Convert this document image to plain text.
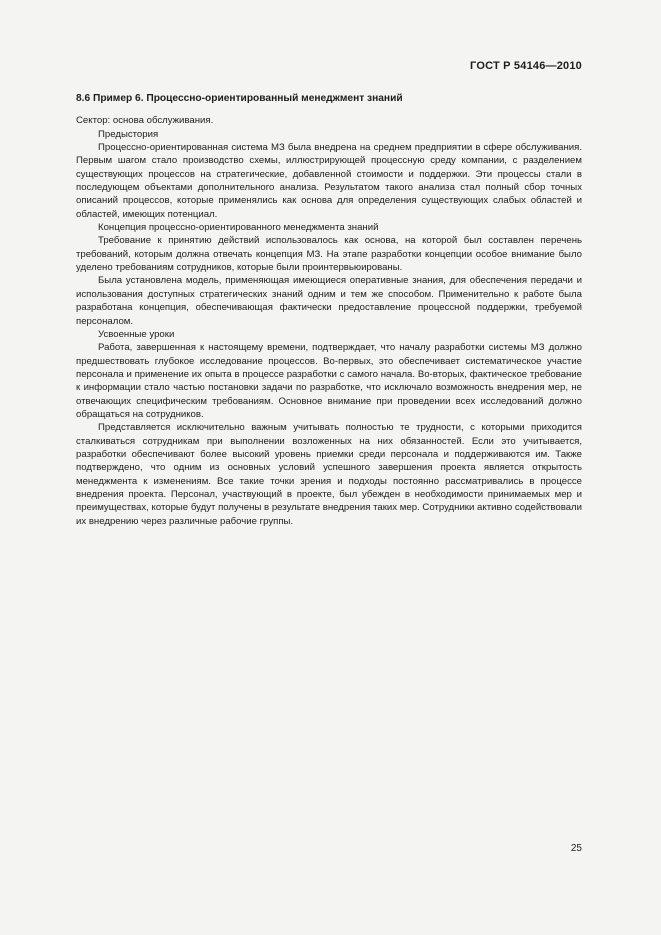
ГОСТ Р 54146—2010
8.6 Пример 6. Процессно-ориентированный менеджмент знаний

Сектор: основа обслуживания.

Предыстория

Процессно-ориентированная система МЗ была внедрена на среднем предприятии в сфере обслуживания. Первым шагом стало производство схемы, иллюстрирующей процессную среду компании, с разделением существующих процессов на стратегические, добавленной стоимости и поддержки. Эти процессы стали в последующем объектами дополнительного анализа. Результатом такого анализа стал полный сбор точных описаний процессов, которые применялись как основа для определения существующих слабых областей и областей, имеющих потенциал.

Концепция процессно-ориентированного менеджмента знаний

Требование к принятию действий использовалось как основа, на которой был составлен перечень требований, которым должна отвечать концепция МЗ. На этапе разработки концепции особое внимание было уделено требованиям сотрудников, которые были проинтервьюированы.

Была установлена модель, применяющая имеющиеся оперативные знания, для обеспечения передачи и использования доступных стратегических знаний одним и тем же способом. Применительно к работе была разработана концепция, обеспечивающая фактически предоставление процессной поддержки, требуемой персоналом.

Усвоенные уроки

Работа, завершенная к настоящему времени, подтверждает, что началу разработки системы МЗ должно предшествовать глубокое исследование процессов. Во-первых, это обеспечивает систематическое участие персонала и применение их опыта в процессе разработки с самого начала. Во-вторых, фактическое требование к информации стало частью постановки задачи по разработке, что исключало возможность внедрения мер, не отвечающих специфическим требованиям. Основное внимание при проведении всех исследований должно обращаться на сотрудников.

Представляется исключительно важным учитывать полностью те трудности, с которыми приходится сталкиваться сотрудникам при выполнении возложенных на них обязанностей. Если это учитывается, разработки обеспечивают более высокий уровень приемки среди персонала и поддерживаются им. Также подтверждено, что одним из основных условий успешного завершения проекта является открытость менеджмента к изменениям. Все такие точки зрения и подходы постоянно рассматривались в процессе внедрения проекта. Персонал, участвующий в проекте, был убежден в необходимости принимаемых мер и преимуществах, которые будут получены в результате внедрения таких мер. Сотрудники активно содействовали их внедрению через различные рабочие группы.

25
